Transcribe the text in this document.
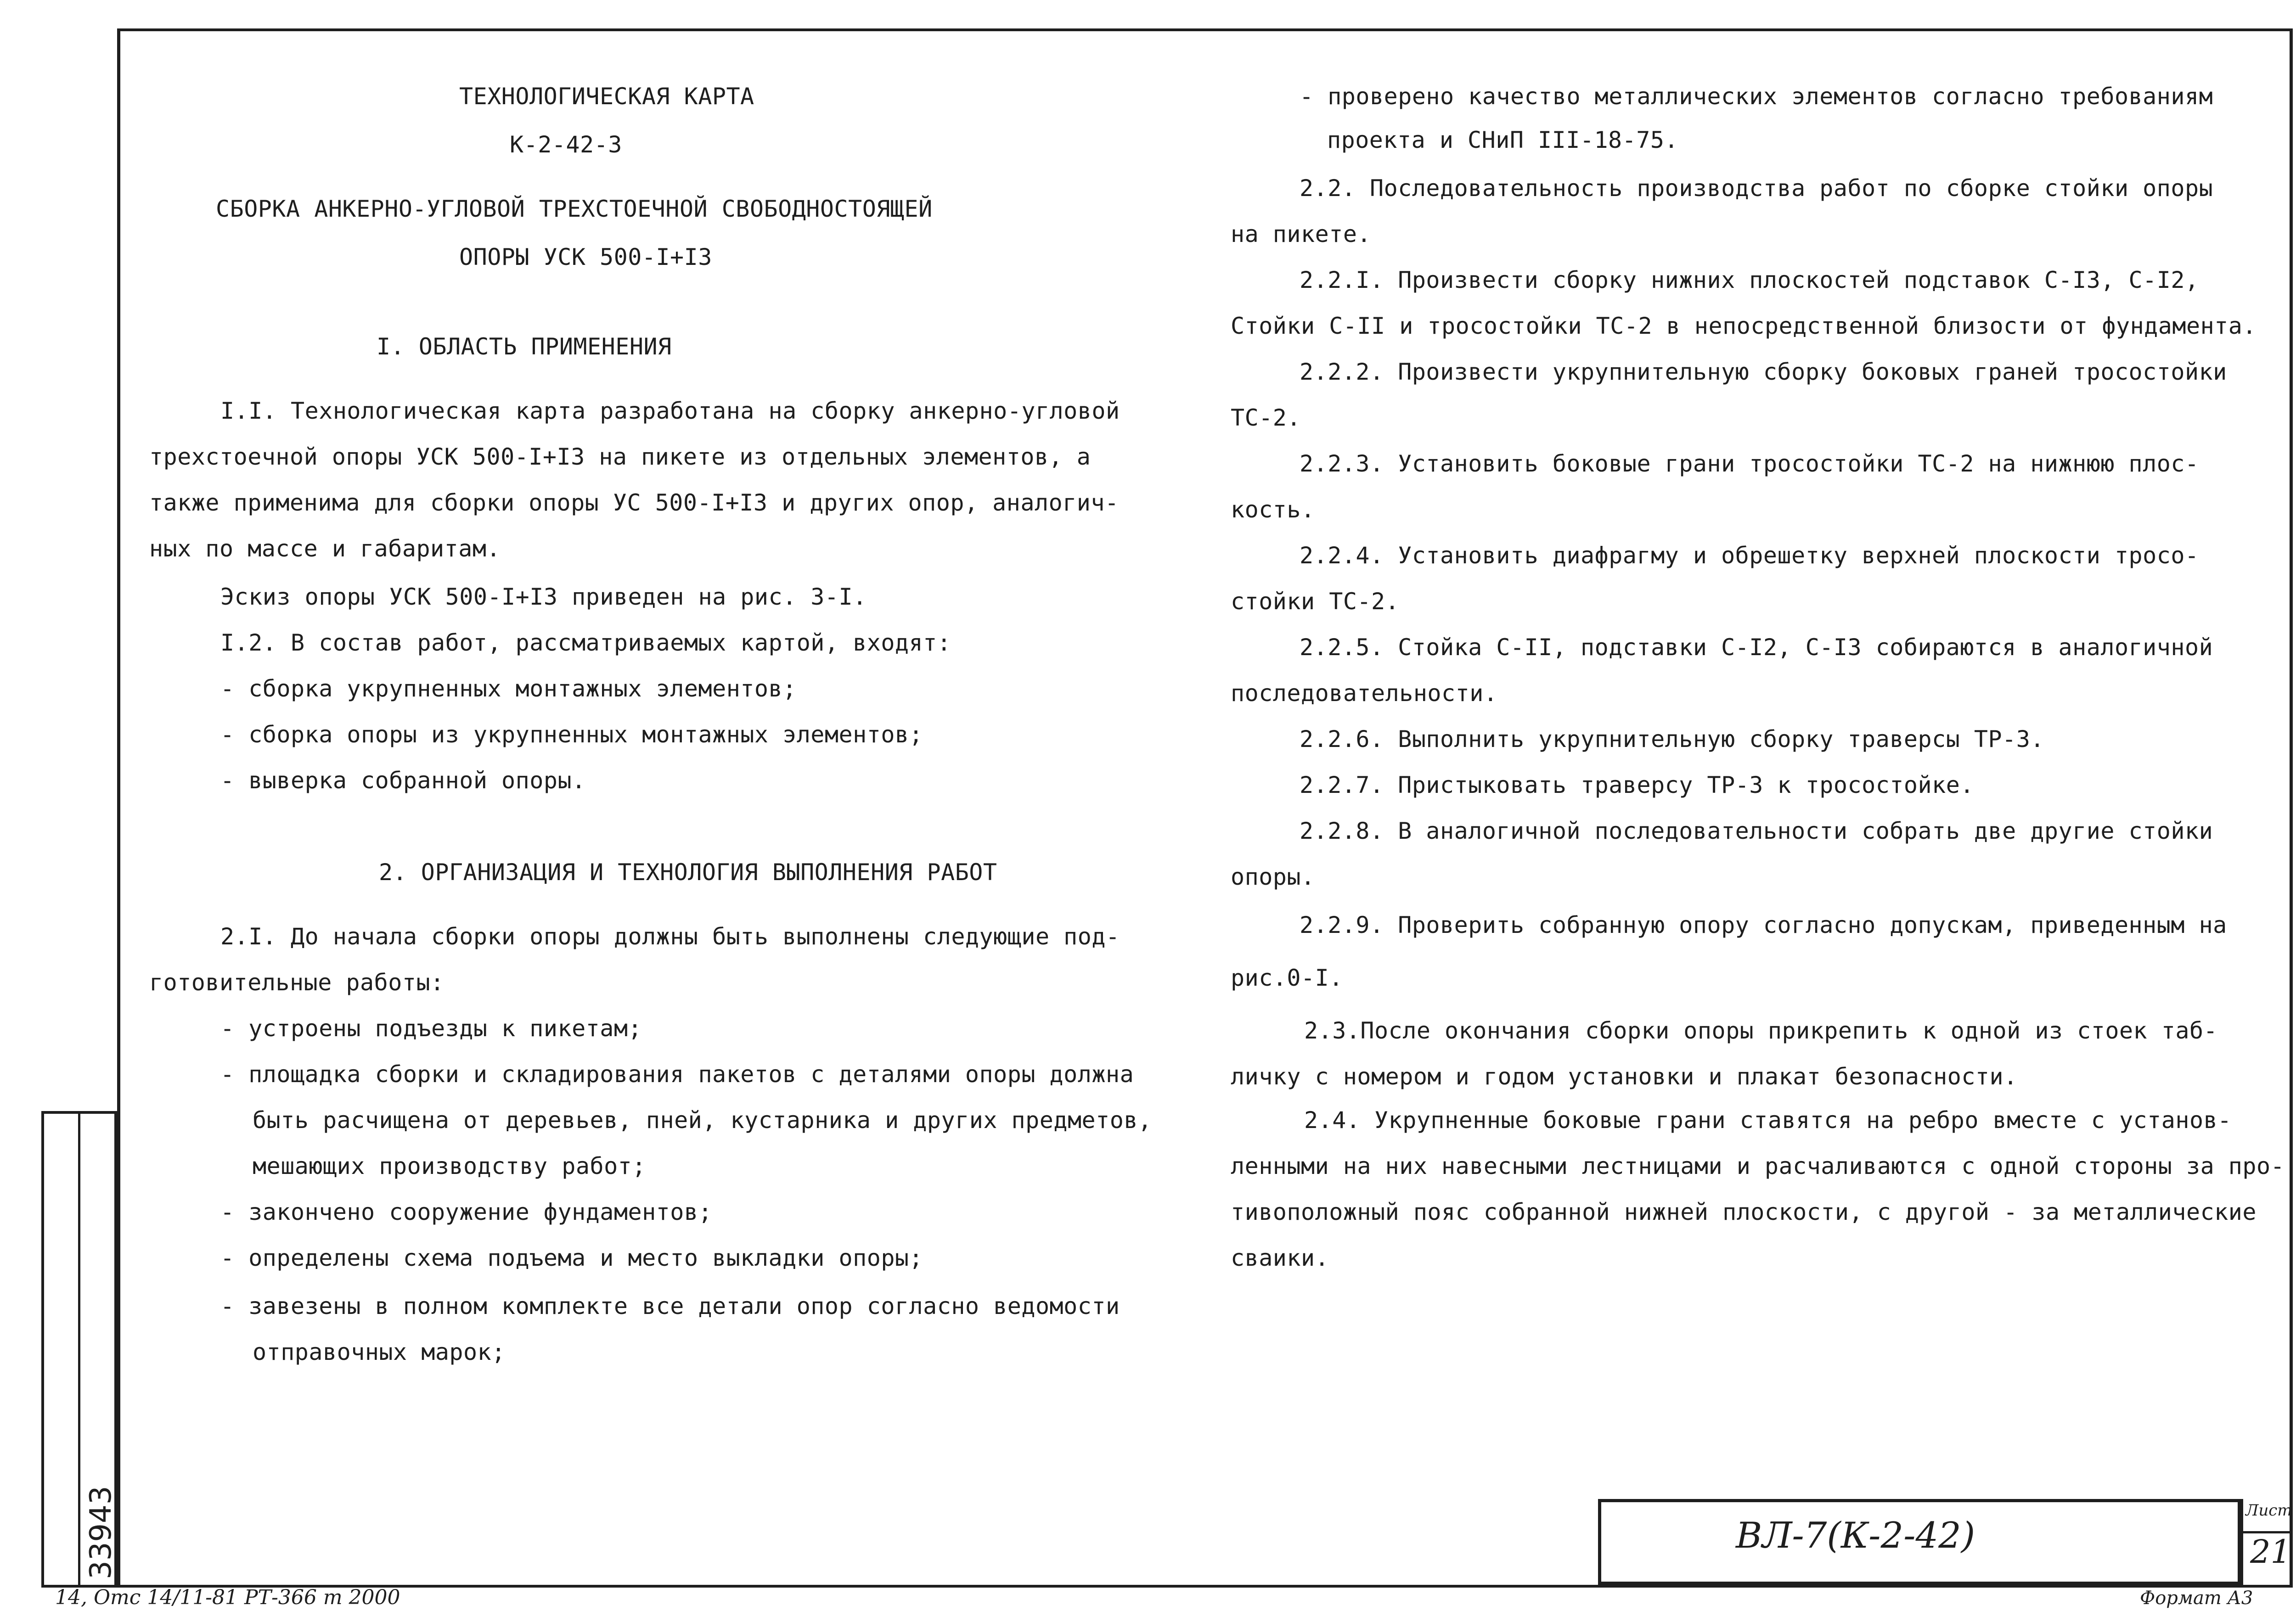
ТЕХНОЛОГИЧЕСКАЯ КАРТА
К-2-42-3
СБОРКА АНКЕРНО-УГЛОВОЙ ТРЕХСТОЕЧНОЙ СВОБОДНОСТОЯЩЕЙ
ОПОРЫ УСК 500-I+I3
I. ОБЛАСТЬ ПРИМЕНЕНИЯ
I.I. Технологическая карта разработана на сборку анкерно-угловой
трехстоечной опоры УСК 500-I+I3 на пикете из отдельных элементов, а
также применима для сборки опоры УС 500-I+I3 и других опор, аналогич-
ных по массе и габаритам.
Эскиз опоры УСК 500-I+I3 приведен на рис. 3-I.
I.2. В состав работ, рассматриваемых картой, входят:
- сборка укрупненных монтажных элементов;
- сборка опоры из укрупненных монтажных элементов;
- выверка собранной опоры.
2. ОРГАНИЗАЦИЯ И ТЕХНОЛОГИЯ ВЫПОЛНЕНИЯ РАБОТ
2.I. До начала сборки опоры должны быть выполнены следующие под-
готовительные работы:
- устроены подъезды к пикетам;
- площадка сборки и складирования пакетов с деталями опоры должна
быть расчищена от деревьев, пней, кустарника и других предметов,
мешающих производству работ;
- закончено сооружение фундаментов;
- определены схема подъема и место выкладки опоры;
- завезены в полном комплекте все детали опор согласно ведомости
отправочных марок;
- проверено качество металлических элементов согласно требованиям
проекта и СНиП III-18-75.
2.2. Последовательность производства работ по сборке стойки опоры
на пикете.
2.2.I. Произвести сборку нижних плоскостей подставок С-I3, С-I2,
Стойки С-II и тросостойки ТС-2 в непосредственной близости от фундамента.
2.2.2. Произвести укрупнительную сборку боковых граней тросостойки
ТС-2.
2.2.3. Установить боковые грани тросостойки ТС-2 на нижнюю плос-
кость.
2.2.4. Установить диафрагму и обрешетку верхней плоскости тросо-
стойки ТС-2.
2.2.5. Стойка С-II, подставки С-I2, С-I3 собираются в аналогичной
последовательности.
2.2.6. Выполнить укрупнительную сборку траверсы ТР-3.
2.2.7. Пристыковать траверсу ТР-3 к тросостойке.
2.2.8. В аналогичной последовательности собрать две другие стойки
опоры.
2.2.9. Проверить собранную опору согласно допускам, приведенным на
рис.0-I.
2.3.После окончания сборки опоры прикрепить к одной из стоек таб-
личку с номером и годом установки и плакат безопасности.
2.4. Укрупненные боковые грани ставятся на ребро вместе с установ-
ленными на них навесными лестницами и расчаливаются с одной стороны за про-
тивоположный пояс собранной нижней плоскости, с другой - за металлические
сваики.
ВЛ-7(К-2-42)
Лист
21
Формат А3
14, Отс 14/11-81 РТ-366 т 2000
33943
